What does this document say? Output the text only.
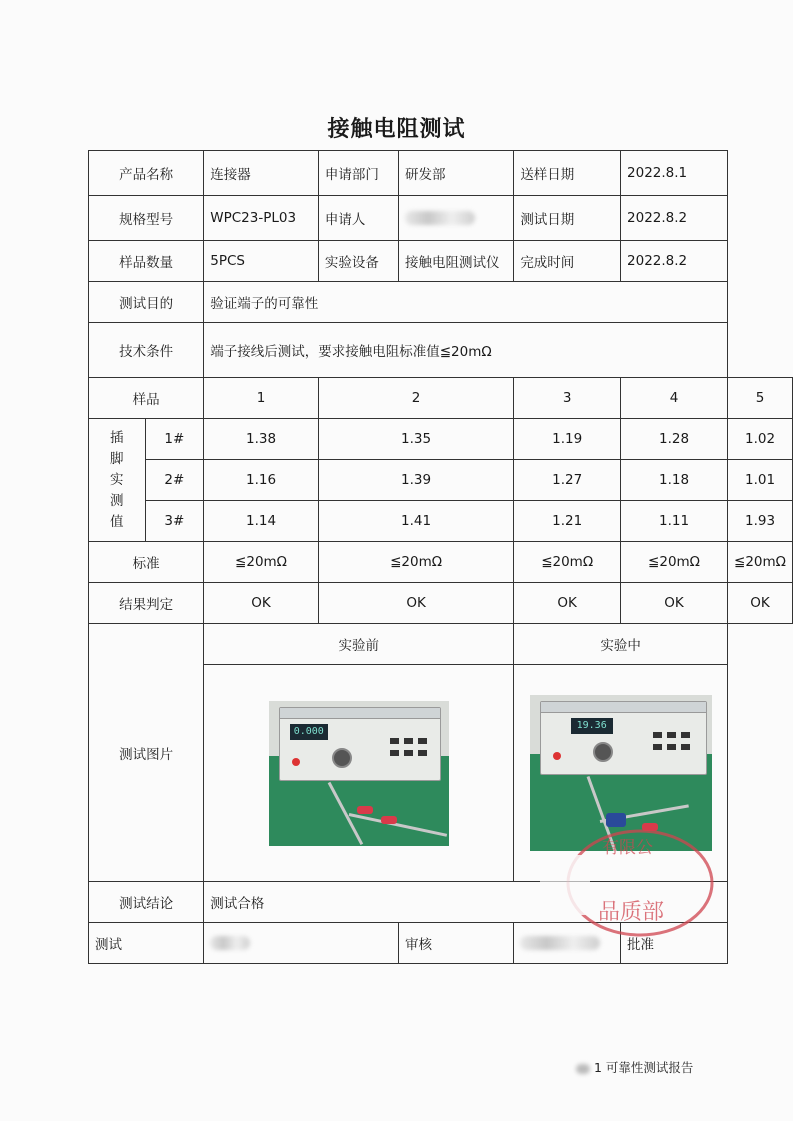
接触电阻测试
产品名称		连接器	申请部门	研发部	送样日期	2022.8.1	
规格型号		WPC23-PL03	申请人		测试日期	2022.8.2	
样品数量		5PCS	实验设备	接触电阻测试仪	完成时间	2022.8.2	
测试目的		验证端子的可靠性					
技术条件		端子接线后测试，要求接触电阻标准值≦20mΩ					
样品		1	2		3	4	5

插
脚
实
测
值	1#	1.38	1.35		1.19	1.28	1.02
	2#	1.16	1.39		1.27	1.18	1.01
	3#	1.14	1.41		1.21	1.11	1.93
标准		≦20mΩ	≦20mΩ		≦20mΩ	≦20mΩ	≦20mΩ
结果判定		OK	OK		OK	OK	OK
测试图片		实验前			实验中		

		0.000			19.36		

测试结论		测试合格					
测试				审核		批准	
有限公
品质部
1 可靠性测试报告
